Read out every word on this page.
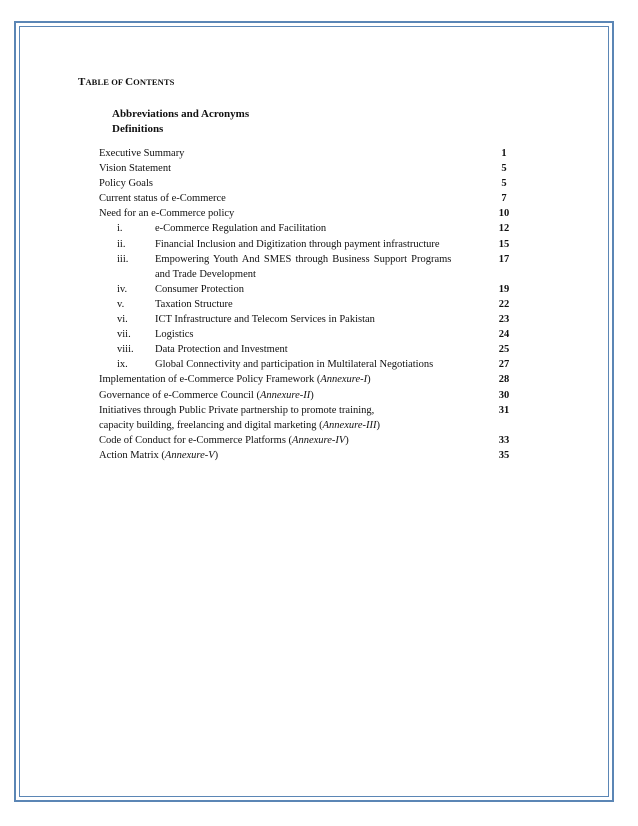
TABLE OF CONTENTS
Abbreviations and Acronyms
Definitions
Executive Summary	1
Vision Statement	5
Policy Goals	5
Current status of e-Commerce	7
Need for an e-Commerce policy	10
i.	e-Commerce Regulation and Facilitation	12
ii.	Financial Inclusion and Digitization through payment infrastructure	15
iii.	Empowering Youth And SMES through Business Support Programs	17
and Trade Development
iv.	Consumer Protection	19
v.	Taxation Structure	22
vi.	ICT Infrastructure and Telecom Services in Pakistan	23
vii. Logistics	24
viii. Data Protection and Investment	25
ix.	Global Connectivity and participation in Multilateral Negotiations	27
Implementation of e-Commerce Policy Framework (Annexure-I)	28
Governance of e-Commerce Council (Annexure-II)	30
Initiatives through Public Private partnership to promote training,	31
capacity building, freelancing and digital marketing (Annexure-III)
Code of Conduct for e-Commerce Platforms (Annexure-IV)	33
Action Matrix (Annexure-V)	35
